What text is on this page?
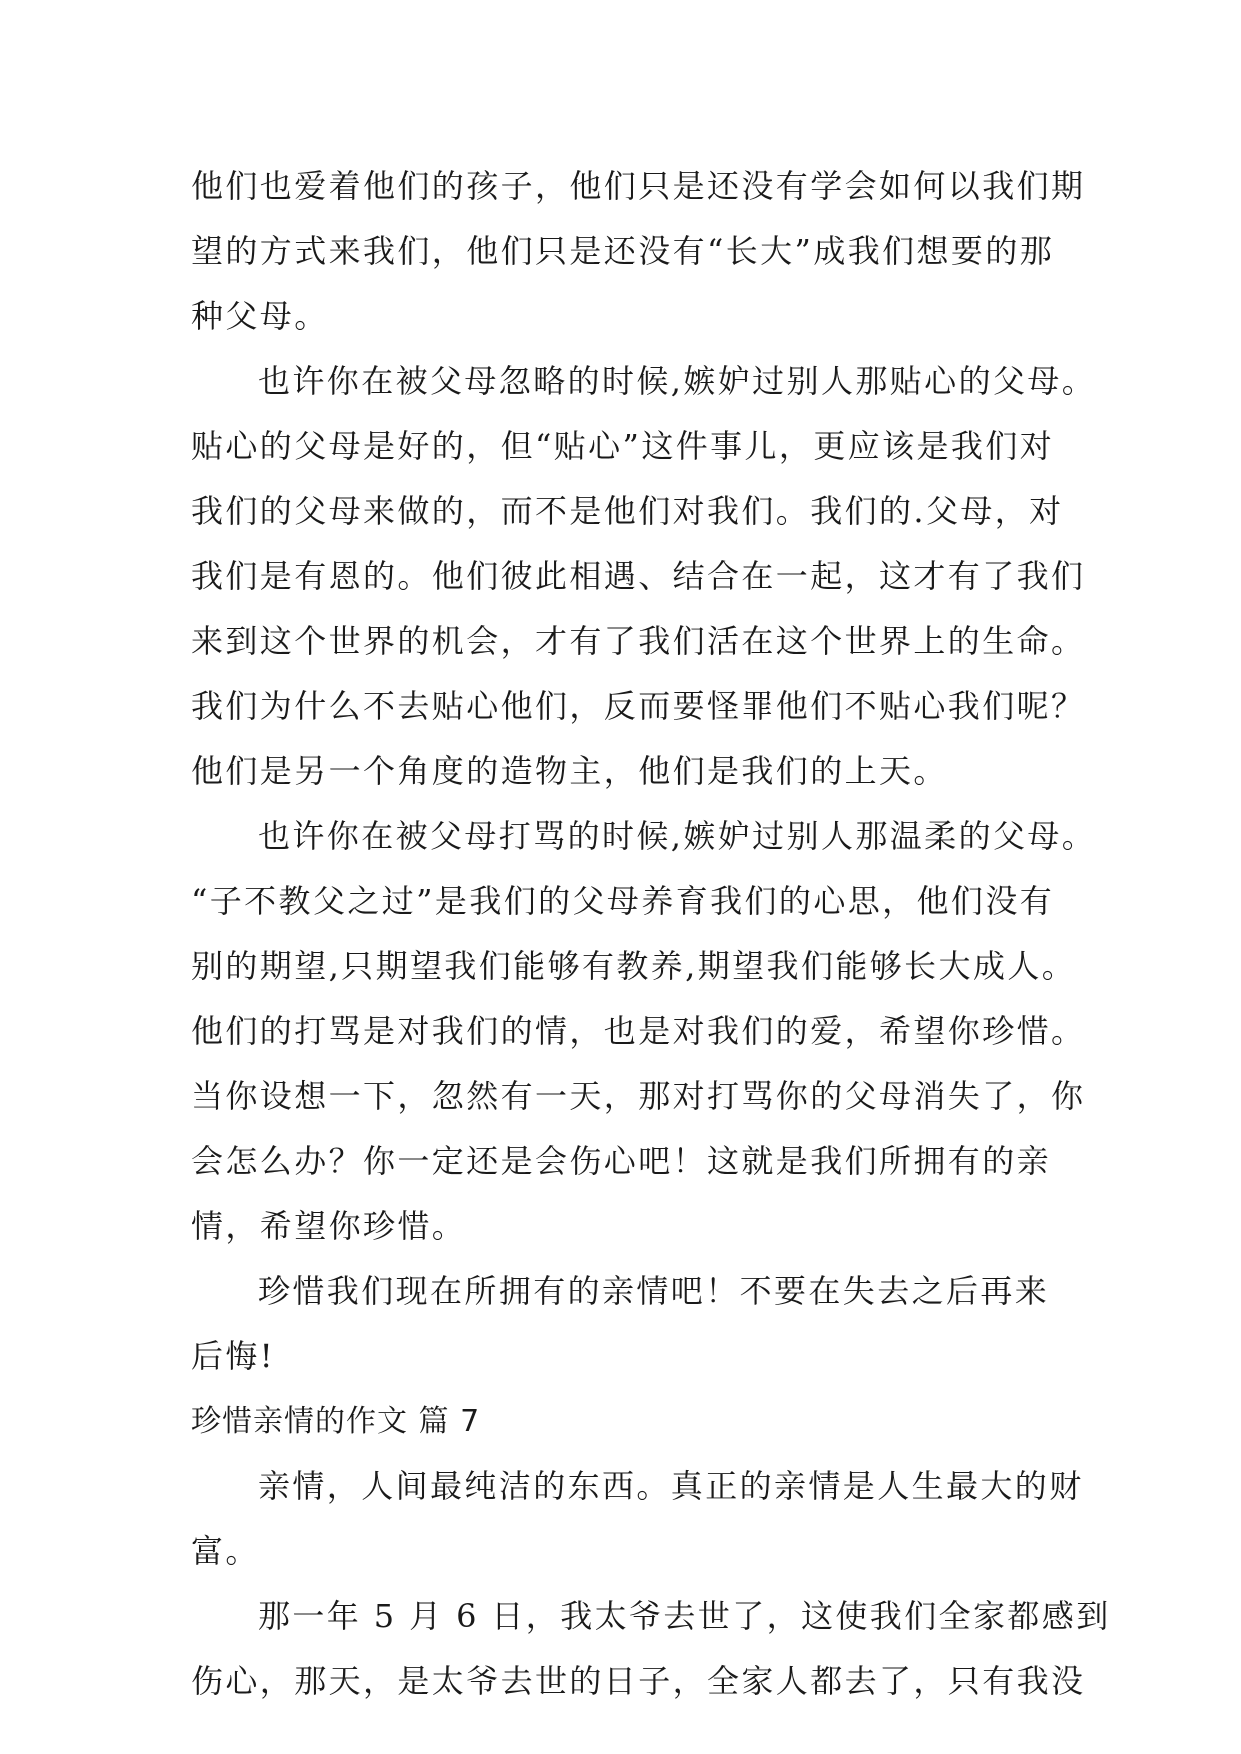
他们也爱着他们的孩子，他们只是还没有学会如何以我们期
望的方式来我们，他们只是还没有“长大”成我们想要的那
种父母。
也许你在被父母忽略的时候,嫉妒过别人那贴心的父母。
贴心的父母是好的，但“贴心”这件事儿，更应该是我们对
我们的父母来做的，而不是他们对我们。我们的.父母，对
我们是有恩的。他们彼此相遇、结合在一起，这才有了我们
来到这个世界的机会，才有了我们活在这个世界上的生命。
我们为什么不去贴心他们，反而要怪罪他们不贴心我们呢？
他们是另一个角度的造物主，他们是我们的上天。
也许你在被父母打骂的时候,嫉妒过别人那温柔的父母。
“子不教父之过”是我们的父母养育我们的心思，他们没有
别的期望,只期望我们能够有教养,期望我们能够长大成人。
他们的打骂是对我们的情，也是对我们的爱，希望你珍惜。
当你设想一下，忽然有一天，那对打骂你的父母消失了，你
会怎么办？你一定还是会伤心吧！这就是我们所拥有的亲
情，希望你珍惜。
珍惜我们现在所拥有的亲情吧！不要在失去之后再来
后悔!
珍惜亲情的作文 篇 7
亲情，人间最纯洁的东西。真正的亲情是人生最大的财
富。
那一年 5 月 6 日，我太爷去世了，这使我们全家都感到
伤心，那天，是太爷去世的日子，全家人都去了，只有我没
